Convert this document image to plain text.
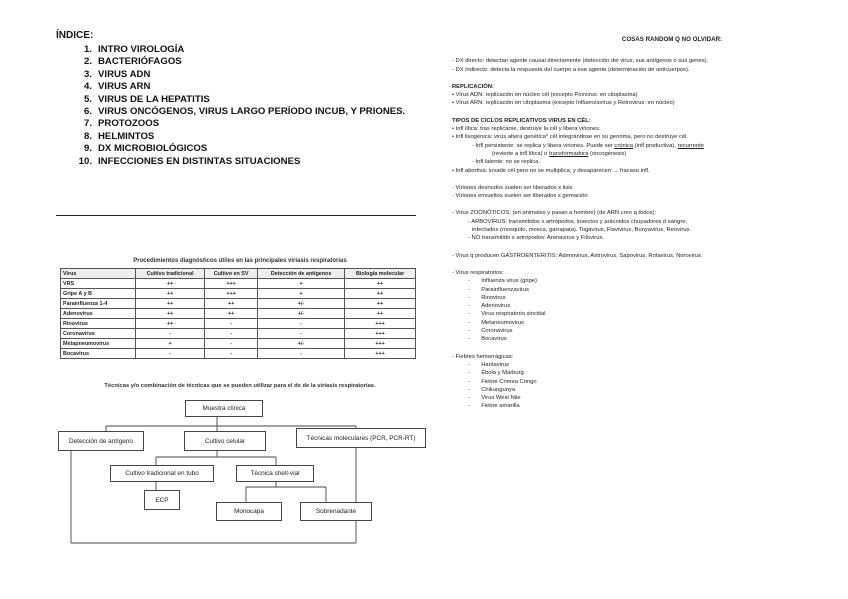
ÍNDICE:
1. INTRO VIROLOGÍA
2. BACTERIÓFAGOS
3. VIRUS ADN
4. VIRUS ARN
5. VIRUS DE LA HEPATITIS
6. VIRUS ONCÓGENOS, VIRUS LARGO PERÍODO INCUB, Y PRIONES.
7. PROTOZOOS
8. HELMINTOS
9. DX MICROBIOLÓGICOS
10. INFECCIONES EN DISTINTAS SITUACIONES
Procedimientos diagnósticos útiles en las principales viriasis respiratorias
Virus	Cultivo tradicional	Cultivo en SV	Detección de antígenos	Biología molecular
VRS	++	+++	+	++
Gripe A y B	++	+++	+	++
Parainfluenza 1-4	++	++	+/-	++
Adenovirus	++	++	+/-	++
Rinovirus	++	-	-	+++
Coronavirus	-	-	-	+++
Metapneumovirus	+	-	+/-	+++
Bocavirus	-	-	-	+++
Técnicas y/o combinación de técnicas que se pueden utilizar para el dx de la viriasis respiratorias.
Muestra clínica
Detección de antígeno	Cultivo celular	Técnicas moleculares (PCR, PCR-RT)
Cultivo tradicional en tubo	Técnica shell-vial
ECP
Monocapa	Sobrenadante
COSAS RANDOM Q NO OLVIDAR:

- DX directo: detectan agente causal directamente (detección del virus, sus antígenos o sus genes).

- DX indirecto: detecta la respuesta del cuerpo a ese agente (determinación de anticuerpos).

REPLICACIÓN:

• Virus ADN: replicación en núcleo cél (excepto Poxvirus: en citoplasma)

• Virus ARN: replicación en citoplasma (excepto Influenzavirus y Retrovirus: en núcleo)

TIPOS DE CICLOS REPLICATIVOS VIRUS EN CÉL:

• Infl lítica: tras replicarse, destruye la cél y libera viriones.

• Infl lisogénica: virus altera genética* cél integrándose en su genoma, pero no destruye cél.

- Infl persistente: se replica y libera viriones. Puede ser crónica (infl productiva), recurrente

(revierte a infl lítica) o transformadora (oncogénesis)

- Infl latente: no se replica.

• Infl abortiva: invade cél pero no se multiplica, y desaparecen → fracaso infl.

- Viriones desnudos suelen ser liberados x lisis

- Viriones envueltos suelen ser liberados x gemación

- Virus ZOONÓTICOS: (en animales y pasan a hombre) (de ARN creo q todos):

- ARBOVIRUS: transmitidos x artrópodos, insectos y arácnidos chupadores d sangre,

infectados (mosquito, mosca, garrapata). Togavirus, Flavivirus, Bunyavirus, Reovirus.

- NO transmitido x artrópodos: Arenavirus y Filovirus.

- Virus q producen GASTROENTERITIS: Adenovirus, Astrovirus, Sapovirus, Rotavirus, Norovirus.

- Virus respiratorios:

-       Influenza virus (gripe)

-       Parainfluenzavirus

-       Rinovirus

-       Adenovirus

-       Virus respiratorio sincitial

-       Metaneumovirus

-       Coronavirus

-       Bocavirus

- Fiebres hemorrágicas:

-       Hantavirus

-       Ébola y Marburg

-       Fiebre Crimea Congo

-       Chikungunya

-       Virus West Nile

-       Fiebre amarilla
